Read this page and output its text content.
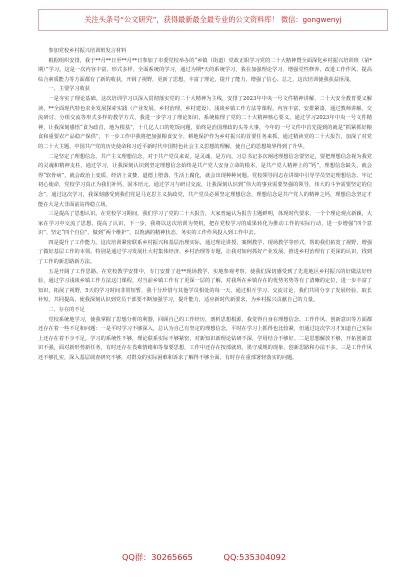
关注头条号“公文研究”，获得最新最全最专业的公文资料库！ 微信：gongwenyj

参加党校乡村振兴培训班发言材料

根据组织安排，我于**月**日至**月**日参加了市委党校举办的“乡镇（街道）党政正职学习党的二十大精神暨全面深化乡村振兴培训班（第*期）”学习。这是一次内容丰富、形式多样、全面系统的学习，通过为期*天的系统学习，我在加强理论学习、增强党性修养、改进工作作风、提高综合素质能力等方面都有了新的收获，开阔了视野，更新了思想，丰富了理论，提升了能力，增强了信心。总之，这次培训使我获益匪浅。

一、主要学习收获

一是夯实了理论基础。这次培训学习以深入贯彻落实党的二十大精神为主线，安排了2023年中央一号文件精神讲解、二十大安全教育要义解读、**全面现代特色农业发展探索实践（产业发展、乡村治理、乡村建设）、浅谈乡镇工作方法等课程。内容丰富，安排紧凑，通过教师讲解、交流研讨、分组交流等形式多样的教学方式，我进一步学习了理论知识，系统梳理了党的二十大精神核心要义。通过学习2023年中央一号文件精神，让我深刻感悟“食为政首，地为根基”，十几亿人口的吃饭问题，始终是治国理政的头等大事，今年的一号文件中首先提到的就是“抓紧抓好粮食和重要农产品稳产保供”，下一步工作中我将把加强粮食安全、耕地保护作为乡村振兴的首要任务来抓，通过精读党的二十大报告，加深了对党的二十大主题、中国共产党的历史使命和习近平新时代中国特色社会主义思想的理解，使自己的思想境界得到了升华。

二是坚定了理想信念。共产主义理想信念，对于共产党员来说，是灵魂、是方向，习总书记多次阐述理想信念要坚定，要把理想信念视为我党的灵魂和精神支柱，通过学习，让我深刻认识到坚定理想信念始终是共产党人安身立命的根本，是共产党人精神上的“钙”，理想信念缺失，就会得“软骨病”，就会政治上变质、经济上贪婪、道德上堕落、生活上腐化，就会出现种种问题。党校领导同志在讲课中引导学员坚定理想信念、牢记初心使命，党校学习真正为我们补钙、固本培元，通过学习与研讨交流，让我深刻认识到“伟大的事业需要坚强的领导，伟大的斗争需要坚定的信念”，通过这次学习，我深刻感受到我们党是马克思主义执政党，共产党员必须坚定理想信念，理想信念是共产党人的精神之钙，理想信念坚定才能在大是大非面前站得稳立场。

三是提高了思想认识。在党校学习期间，我们学习了党的二十大报告，大家普遍认为报告主题鲜明，体现时代要求，一个个理论观点新颖，大家在学习中交流了思想，提高了认识，下一步，我将以这次培训为契机，把在党校学习的成果转化为推动工作的实际行动，进一步增强“四个意识”、坚定“四个自信”、做到“两个维护”，以饱满的精神状态、务实的工作作风投入到工作中去。

四是提升了工作能力。这次培训紧密联系乡村振兴和基层治理实际，通过理论讲授、案例教学、现场教学等形式，帮助我们拓宽了视野，增强了做好基层工作的本领。特别是通过学习发展壮大村集体经济、乡村治理等专题，让我对如何抓好产业发展、推进乡村治理有了更深的认识，找到了工作的新思路新方法。

五是开阔了工作思路。在党校教学安排中，专门安排了赴**现场教学，实地参观考察，使我们深切感受到了先进地区乡村振兴的好做法好经验，通过学习浅谈乡镇工作方法这门课程，对当前乡镇工作有了更深一层的了解，对我所在乡镇存在的优势劣势等有了清晰的定位，进一步丰富了知识，拓展了视野，5天的学习时间非常短暂，我十分珍惜与其他学员相处的每一天，通过相互学习、交流讨论，我们共同分享了发展经验，取长补短、共同提高，使我深刻认识到党员干部要不断加强学习，提升能力，适应新时代新要求，为乡村振兴贡献自己的力量。

二、存在的不足

党校系统地学习，使我掌握了思想分析的利器，回顾自己的工作经历，剖析思想根源，我觉得自身在理想信念、工作作风、创新意识等方面都还存在着一些不足和问题：一是平时学习不够深入，总认为自己有坚定的理想信念，平时在学习上抓得也比较紧，但通过这次学习才知道自己实际上还存在着不少不足，学习的系统性不够，理论联系实际不够紧密，对新知识新理论钻研不深，学用结合不够好。二是思想解放不够，开拓创新意识不强，面对新形势新任务，有时还存在畏难情绪和等靠要思想，工作中还存在按部就班、墨守成规的现象，创新思路和办法不多。三是工作作风还不够扎实，深入基层调查研究不够，对群众的实际困难和诉求了解得不够全面，有时存在重部署轻落实的问题。

QQ群：30265665	QQ:535304092
